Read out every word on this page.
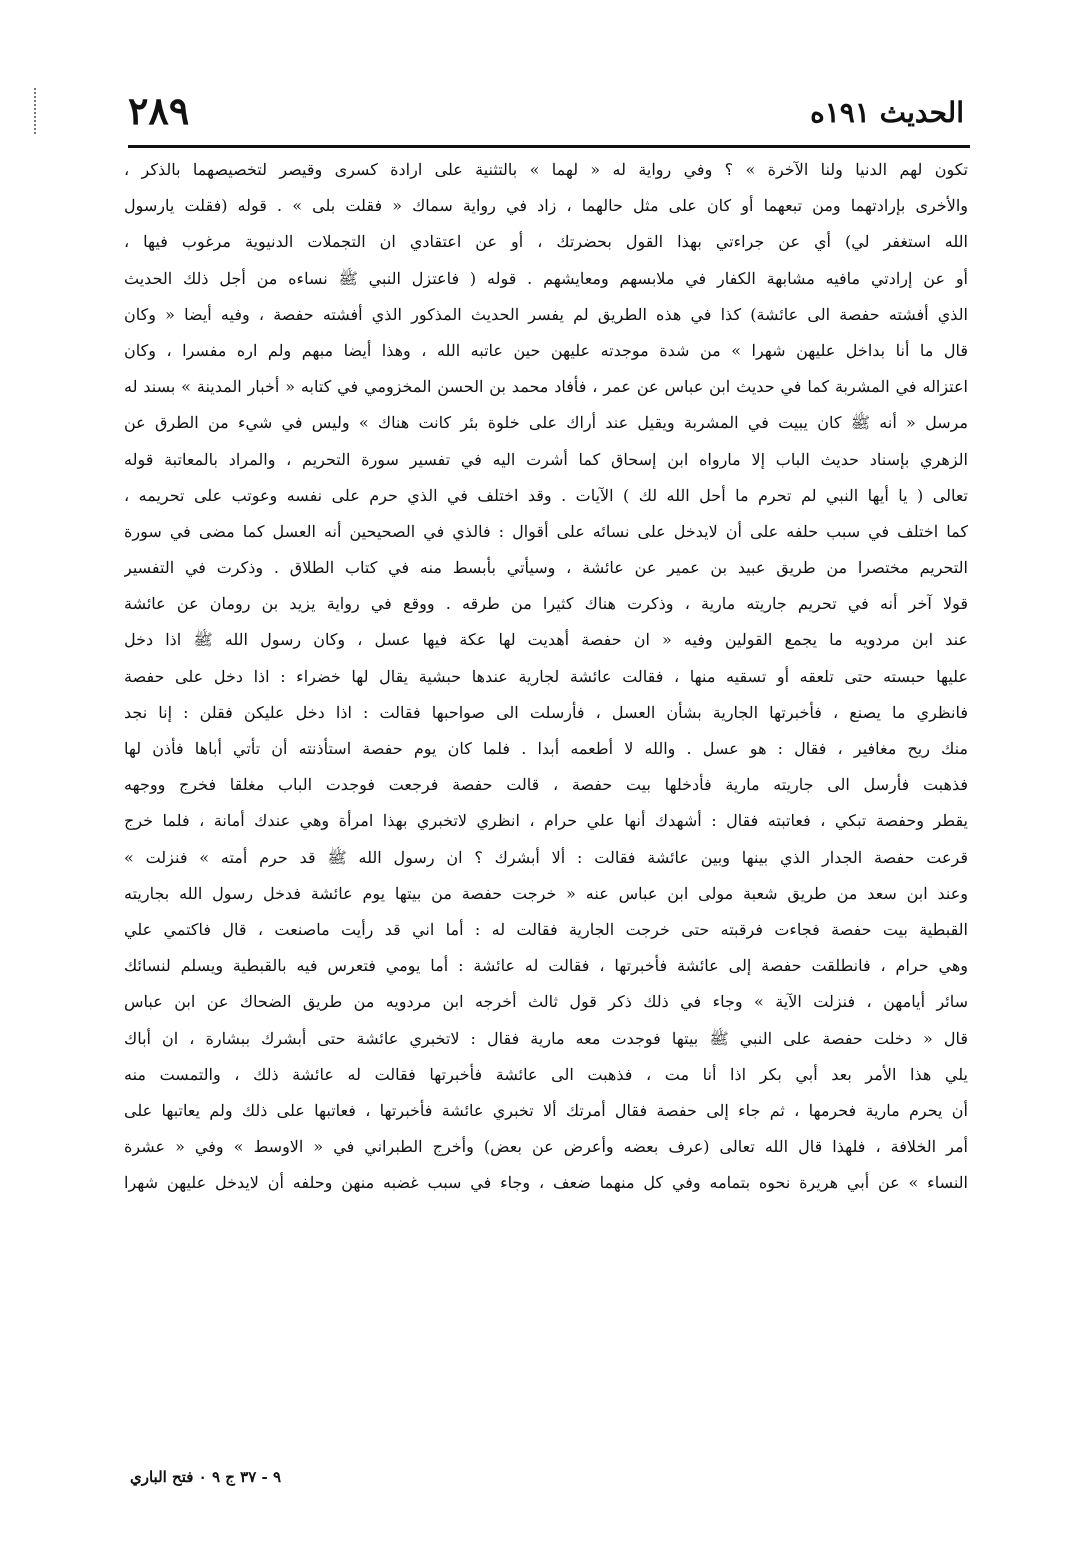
الحديث ١٩١ه
٢٨٩
تكون لهم الدنيا ولنا الآخرة » ؟ وفي رواية له « لهما » بالتثنية على ارادة كسرى وقيصر لتخصيصهما بالذكر ،
والأخرى بإرادتهما ومن تبعهما أو كان على مثل حالهما ، زاد في رواية سماك « فقلت بلى » . قوله (فقلت يارسول
الله استغفر لي) أي عن جراءتي بهذا القول بحضرتك ، أو عن اعتقادي ان التجملات الدنيوية مرغوب فيها ،
أو عن إرادتي مافيه مشابهة الكفار في ملابسهم ومعايشهم . قوله ( فاعتزل النبي ﷺ نساءه من أجل ذلك الحديث
الذي أفشته حفصة الى عائشة) كذا في هذه الطريق لم يفسر الحديث المذكور الذي أفشته حفصة ، وفيه أيضا « وكان
قال ما أنا بداخل عليهن شهرا » من شدة موجدته عليهن حين عاتبه الله ، وهذا أيضا مبهم ولم اره مفسرا ، وكان
اعتزاله في المشربة كما في حديث ابن عباس عن عمر ، فأفاد محمد بن الحسن المخزومي في كتابه « أخبار المدينة » بسند له
مرسل « أنه ﷺ كان يبيت في المشربة ويقيل عند أراك على خلوة بئر كانت هناك » وليس في شيء من الطرق عن
الزهري بإسناد حديث الباب إلا مارواه ابن إسحاق كما أشرت اليه في تفسير سورة التحريم ، والمراد بالمعاتبة قوله
تعالى ( يا أيها النبي لم تحرم ما أحل الله لك ) الآيات . وقد اختلف في الذي حرم على نفسه وعوتب على تحريمه ،
كما اختلف في سبب حلفه على أن لايدخل على نسائه على أقوال : فالذي في الصحيحين أنه العسل كما مضى في سورة
التحريم مختصرا من طريق عبيد بن عمير عن عائشة ، وسيأتي بأبسط منه في كتاب الطلاق . وذكرت في التفسير
قولا آخر أنه في تحريم جاريته مارية ، وذكرت هناك كثيرا من طرقه . ووقع في رواية يزيد بن رومان عن عائشة
عند ابن مردويه ما يجمع القولين وفيه « ان حفصة أهديت لها عكة فيها عسل ، وكان رسول الله ﷺ اذا دخل
عليها حبسته حتى تلعقه أو تسقيه منها ، فقالت عائشة لجارية عندها حبشية يقال لها خضراء : اذا دخل على حفصة
فانظري ما يصنع ، فأخبرتها الجارية بشأن العسل ، فأرسلت الى صواحبها فقالت : اذا دخل عليكن فقلن : إنا نجد
منك ريح مغافير ، فقال : هو عسل . والله لا أطعمه أبدا . فلما كان يوم حفصة استأذنته أن تأتي أباها فأذن لها
فذهبت فأرسل الى جاريته مارية فأدخلها بيت حفصة ، قالت حفصة فرجعت فوجدت الباب مغلقا فخرج ووجهه
يقطر وحفصة تبكي ، فعاتبته فقال : أشهدك أنها علي حرام ، انظري لاتخبري بهذا امرأة وهي عندك أمانة ، فلما خرج
قرعت حفصة الجدار الذي بينها وبين عائشة فقالت : ألا أبشرك ؟ ان رسول الله ﷺ قد حرم أمته » فنزلت »
وعند ابن سعد من طريق شعبة مولى ابن عباس عنه « خرجت حفصة من بيتها يوم عائشة فدخل رسول الله بجاريته
القبطية بيت حفصة فجاءت فرقبته حتى خرجت الجارية فقالت له : أما اني قد رأيت ماصنعت ، قال فاكتمي علي
وهي حرام ، فانطلقت حفصة إلى عائشة فأخبرتها ، فقالت له عائشة : أما يومي فتعرس فيه بالقبطية ويسلم لنسائك
سائر أيامهن ، فنزلت الآية » وجاء في ذلك ذكر قول ثالث أخرجه ابن مردويه من طريق الضحاك عن ابن عباس
قال « دخلت حفصة على النبي ﷺ بيتها فوجدت معه مارية فقال : لاتخبري عائشة حتى أبشرك ببشارة ، ان أباك
يلي هذا الأمر بعد أبي بكر اذا أنا مت ، فذهبت الى عائشة فأخبرتها فقالت له عائشة ذلك ، والتمست منه
أن يحرم مارية فحرمها ، ثم جاء إلى حفصة فقال أمرتك ألا تخبري عائشة فأخبرتها ، فعاتبها على ذلك ولم يعاتبها على
أمر الخلافة ، فلهذا قال الله تعالى (عرف بعضه وأعرض عن بعض) وأخرج الطبراني في « الاوسط » وفي « عشرة
النساء » عن أبي هريرة نحوه بتمامه وفي كل منهما ضعف ، وجاء في سبب غضبه منهن وحلفه أن لايدخل عليهن شهرا
٩ - ٣٧ ج ٩ ٠ فتح الباري
